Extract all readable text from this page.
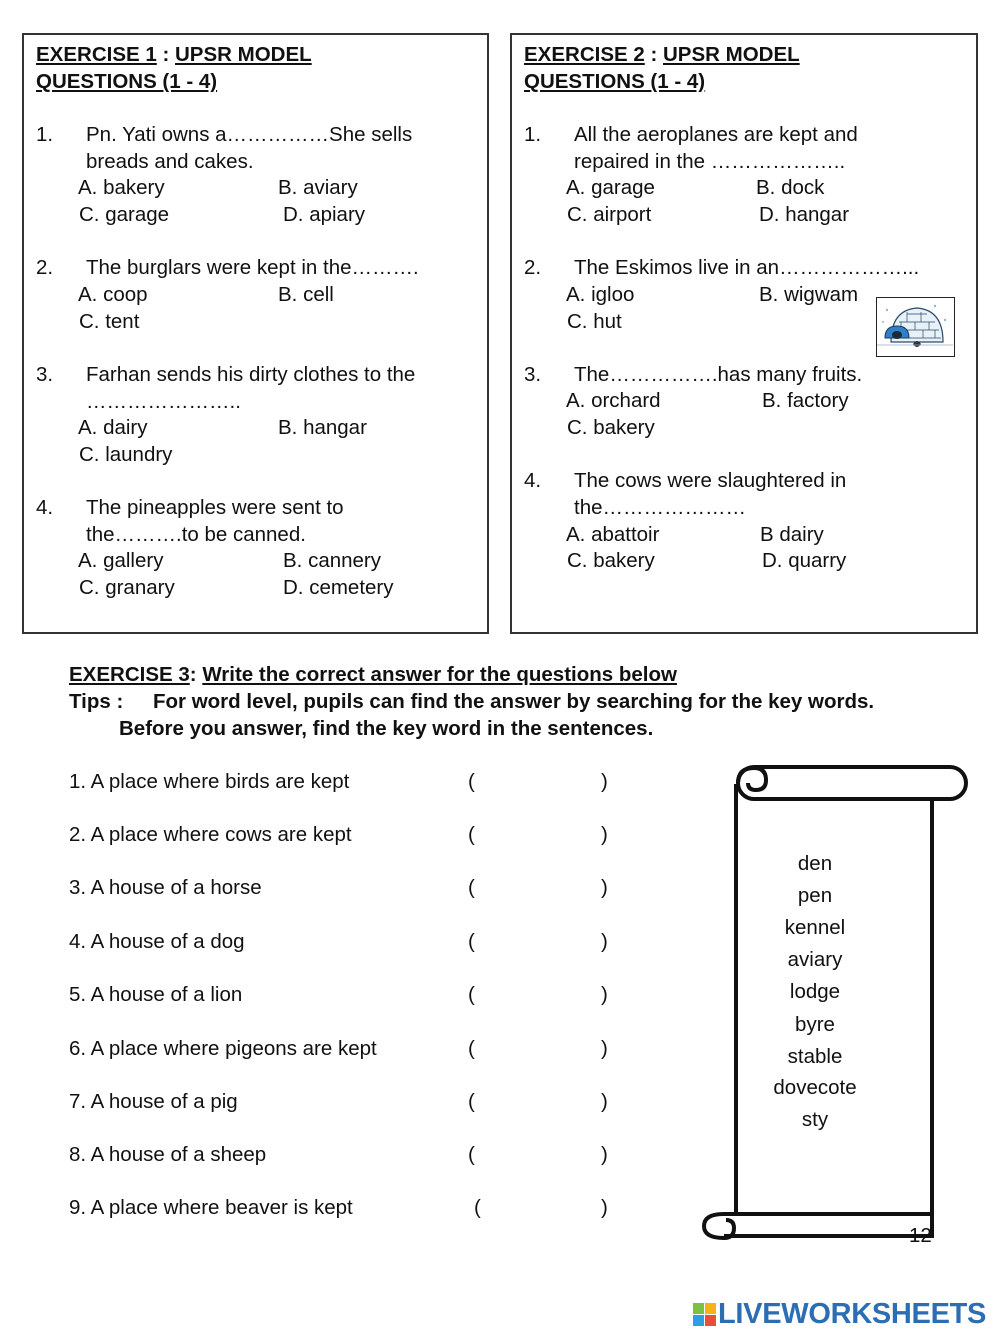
EXERCISE 1 : UPSR MODEL
QUESTIONS (1 - 4)
1. Pn. Yati owns a……………She sells
breads and cakes.
A. bakery	B. aviary
C. garage	D. apiary
2. The burglars were kept in the……….
A. coop	B. cell
C. tent
3. Farhan sends his dirty clothes to the
…………………..
A. dairy	B. hangar
C. laundry
4. The pineapples were sent to
the……….to be canned.
A. gallery	B. cannery
C. granary	D. cemetery
EXERCISE 2 : UPSR MODEL
QUESTIONS (1 - 4)
1. All the aeroplanes are kept and
repaired in the ………………..
A. garage	B. dock
C. airport	D. hangar
2. The Eskimos live in an………………...
A. igloo	B. wigwam
C. hut
3. The…………….has many fruits.
A. orchard	B. factory
C. bakery
4. The cows were slaughtered in
the…………………
A. abattoir	B dairy
C. bakery	D. quarry
EXERCISE 3: Write the correct answer for the questions below
Tips : For word level, pupils can find the answer by searching for the key words.
Before you answer, find the key word in the sentences.
1. A place where birds are kept	(	)
2. A place where cows are kept	(	)
3. A house of a horse	(	)
4. A house of a dog	(	)
5. A house of a lion	(	)
6. A place where pigeons are kept	(	)
7. A house of a pig	(	)
8. A house of a sheep	(	)
9. A place where beaver is kept	(	)
den
pen
kennel
aviary
lodge
byre
stable
dovecote
sty
12
LIVEWORKSHEETS
